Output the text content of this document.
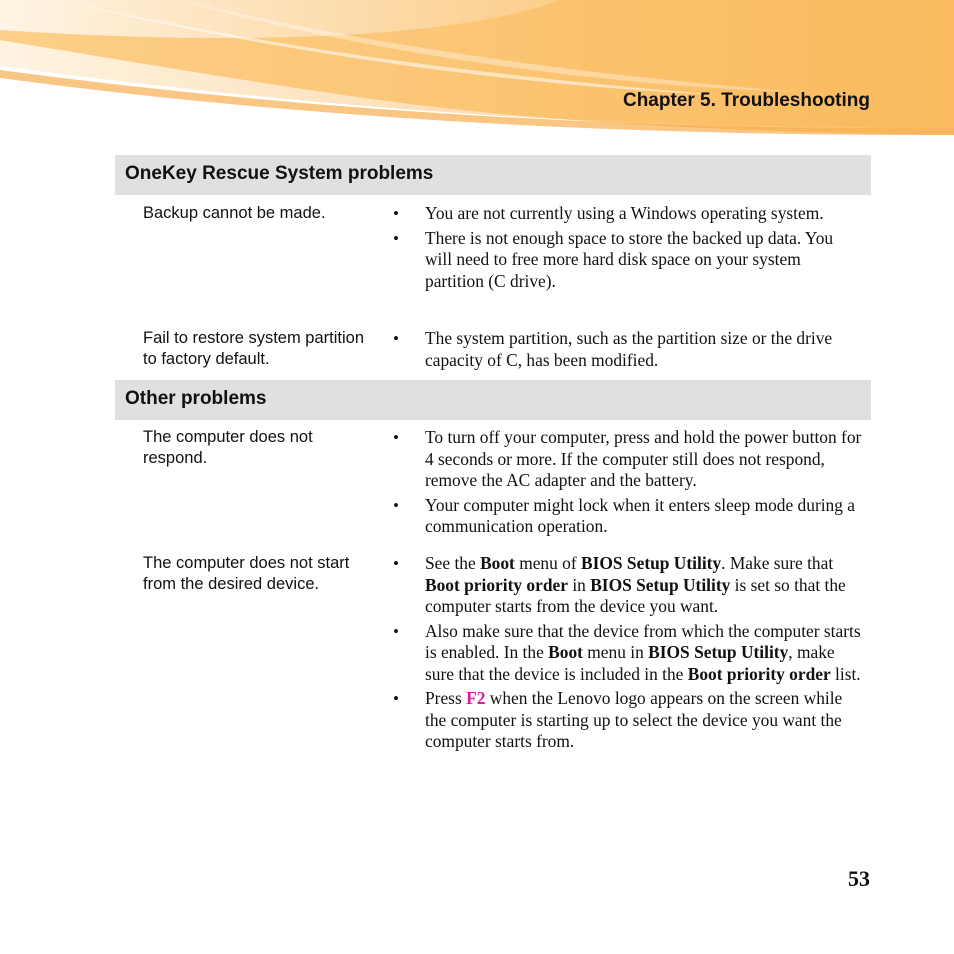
Chapter 5. Troubleshooting
OneKey Rescue System problems
Backup cannot be made.
•	You are not currently using a Windows operating system.
• There is not enough space to store the backed up data. You will need to free more hard disk space on your system partition (C drive).
Fail to restore system partition to factory default.
• The system partition, such as the partition size or the drive capacity of C, has been modified.
Other problems
The computer does not respond.
• To turn off your computer, press and hold the power button for 4 seconds or more. If the computer still does not respond, remove the AC adapter and the battery.
• Your computer might lock when it enters sleep mode during a communication operation.
The computer does not start from the desired device.
• See the Boot menu of BIOS Setup Utility. Make sure that Boot priority order in BIOS Setup Utility is set so that the computer starts from the device you want.
• Also make sure that the device from which the computer starts is enabled. In the Boot menu in BIOS Setup Utility, make sure that the device is included in the Boot priority order list.
• Press F2 when the Lenovo logo appears on the screen while the computer is starting up to select the device you want the computer starts from.
53
